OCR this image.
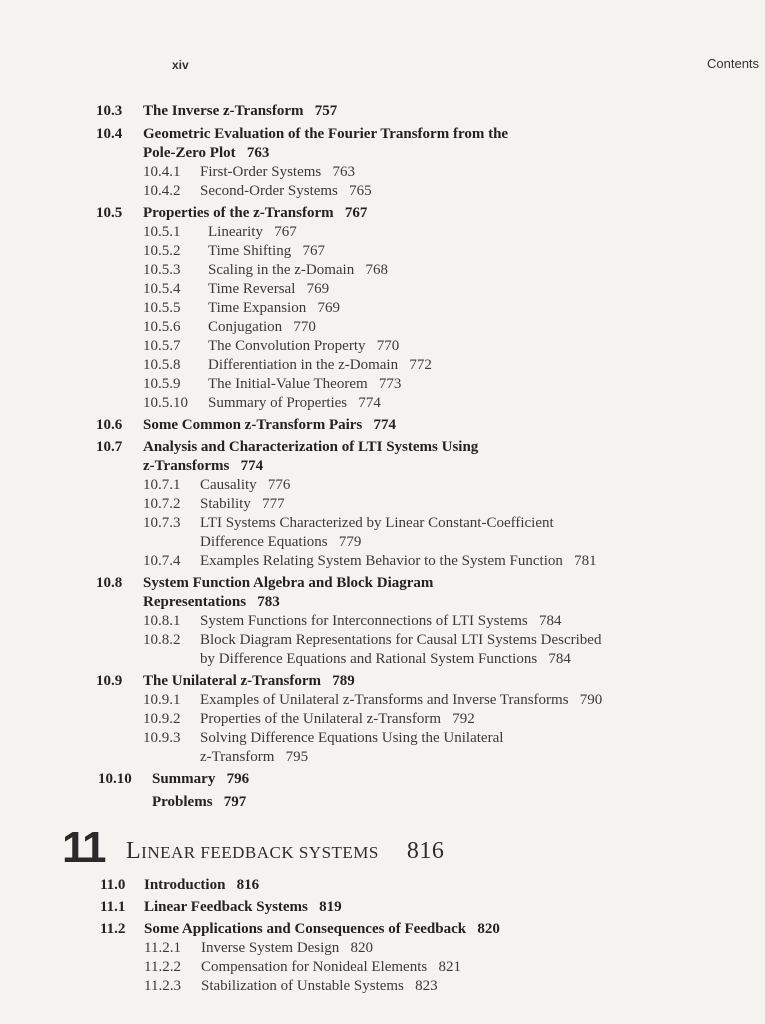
xiv	Contents
10.3 The Inverse z-Transform   757
10.4 Geometric Evaluation of the Fourier Transform from the
Pole-Zero Plot   763
10.4.1 First-Order Systems   763
10.4.2 Second-Order Systems   765
10.5 Properties of the z-Transform   767
10.5.1 Linearity   767
10.5.2 Time Shifting   767
10.5.3 Scaling in the z-Domain   768
10.5.4 Time Reversal   769
10.5.5 Time Expansion   769
10.5.6 Conjugation   770
10.5.7 The Convolution Property   770
10.5.8 Differentiation in the z-Domain   772
10.5.9 The Initial-Value Theorem   773
10.5.10 Summary of Properties   774
10.6 Some Common z-Transform Pairs   774
10.7 Analysis and Characterization of LTI Systems Using
z-Transforms   774
10.7.1 Causality   776
10.7.2 Stability   777
10.7.3 LTI Systems Characterized by Linear Constant-Coefficient
Difference Equations   779
10.7.4 Examples Relating System Behavior to the System Function   781
10.8 System Function Algebra and Block Diagram
Representations   783
10.8.1 System Functions for Interconnections of LTI Systems   784
10.8.2 Block Diagram Representations for Causal LTI Systems Described
by Difference Equations and Rational System Functions   784
10.9 The Unilateral z-Transform   789
10.9.1 Examples of Unilateral z-Transforms and Inverse Transforms   790
10.9.2 Properties of the Unilateral z-Transform   792
10.9.3 Solving Difference Equations Using the Unilateral
z-Transform   795
10.10 Summary   796
Problems   797
11 LINEAR FEEDBACK SYSTEMS 816
11.0 Introduction   816
11.1 Linear Feedback Systems   819
11.2 Some Applications and Consequences of Feedback   820
11.2.1 Inverse System Design   820
11.2.2 Compensation for Nonideal Elements   821
11.2.3 Stabilization of Unstable Systems   823
